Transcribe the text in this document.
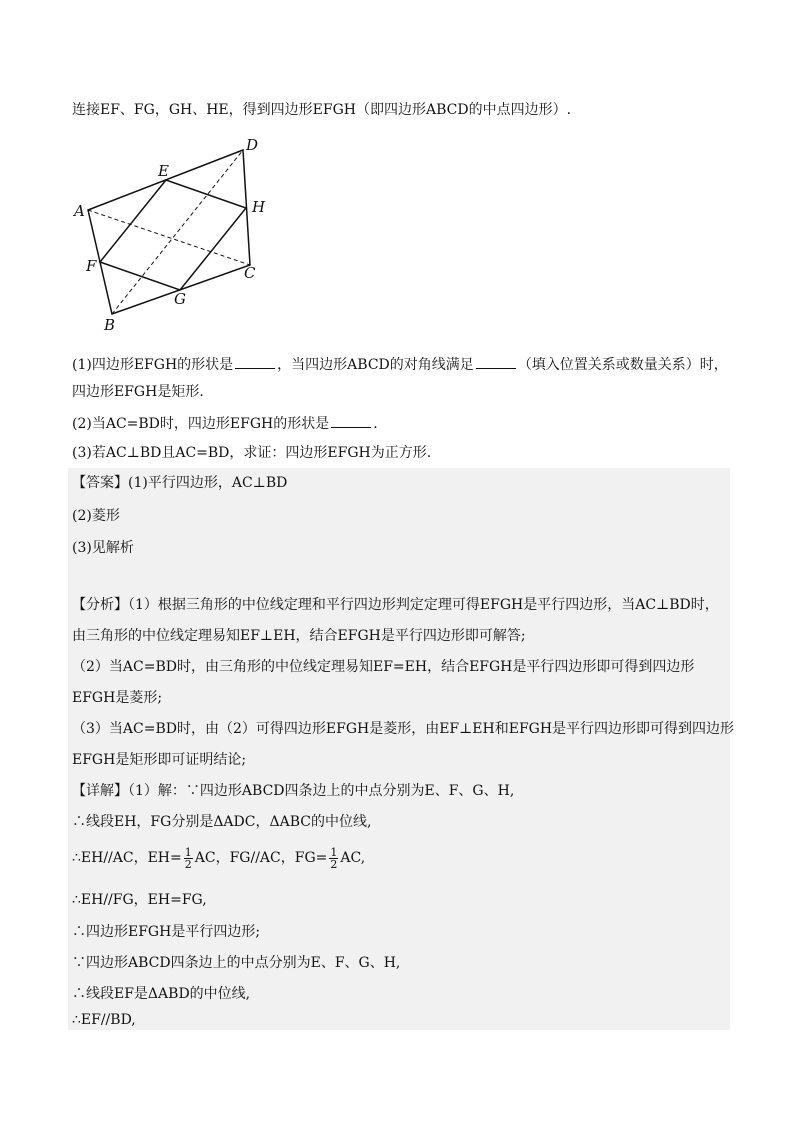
连接EF、FG，GH、HE，得到四边形EFGH（即四边形ABCD的中点四边形）.
A
B
C
D
E
F
G
H
(1)四边形EFGH的形状是	，当四边形ABCD的对角线满足	（填入位置关系或数量关系）时，
四边形EFGH是矩形.
(2)当AC=BD时，四边形EFGH的形状是	.
(3)若AC⊥BD且AC=BD，求证：四边形EFGH为正方形.
【答案】(1)平行四边形，AC⊥BD
(2)菱形
(3)见解析
【分析】（1）根据三角形的中位线定理和平行四边形判定定理可得EFGH是平行四边形，当AC⊥BD时，
由三角形的中位线定理易知EF⊥EH，结合EFGH是平行四边形即可解答;
（2）当AC=BD时，由三角形的中位线定理易知EF=EH，结合EFGH是平行四边形即可得到四边形
EFGH是菱形;
（3）当AC=BD时，由（2）可得四边形EFGH是菱形，由EF⊥EH和EFGH是平行四边形即可得到四边形
EFGH是矩形即可证明结论;
【详解】（1）解：∵四边形ABCD四条边上的中点分别为E、F、G、H,
∴线段EH，FG分别是ΔADC，ΔABC的中位线,
∴EH//AC，$EH= \frac{1}{2}$ AC，FG//AC，$FG= \frac{1}{2}$ AC,
∴EH//FG，EH=FG,
∴四边形EFGH是平行四边形;
∵四边形ABCD四条边上的中点分别为E、F、G、H,
∴线段EF是ΔABD的中位线,
∴EF//BD,
